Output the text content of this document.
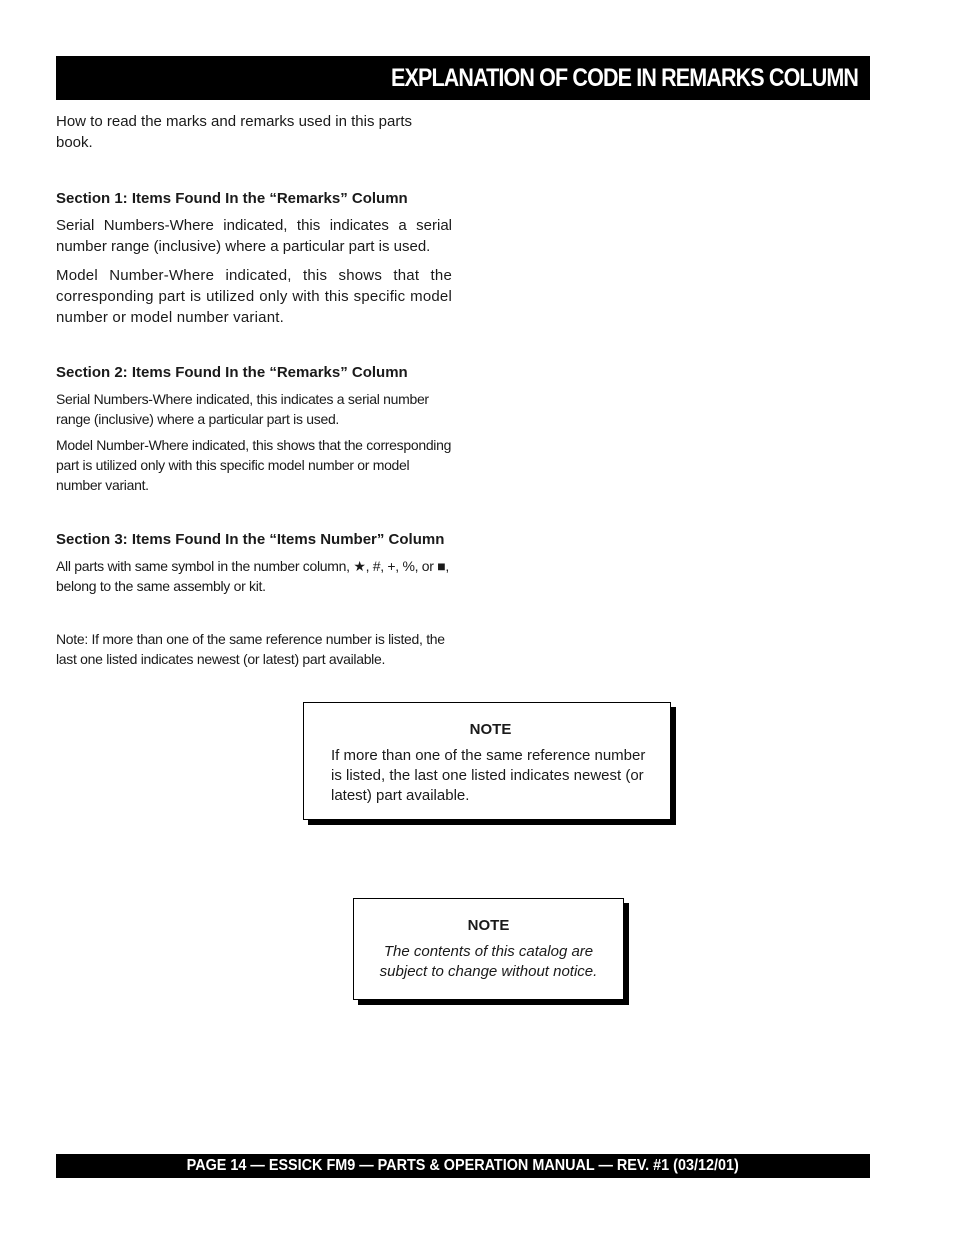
EXPLANATION OF CODE IN REMARKS COLUMN

How to read the marks and remarks used in this parts book.

Section 1: Items Found In the “Remarks” Column

Serial Numbers-Where indicated, this indicates a serial number range (inclusive) where a particular part is used.

Model Number-Where indicated, this shows that the corresponding part is utilized only with this specific model number or model number variant.

Section 2: Items Found In the “Remarks” Column

Serial Numbers-Where indicated, this indicates a serial number range (inclusive) where a particular part is used.

Model Number-Where indicated, this shows that the corresponding part is utilized only with this specific model number or model number variant.

Section 3: Items Found In the “Items Number” Column

All parts with same symbol in the number column, ★, #, +, %, or ■, belong to the same assembly or kit.

Note: If more than one of the same reference number is listed, the last one listed indicates newest (or latest) part available.

NOTE
If more than one of the same reference number is listed, the last one listed indicates newest (or latest) part available.
NOTE
The contents of this catalog are subject to change without notice.
PAGE 14 — ESSICK FM9 — PARTS & OPERATION MANUAL — REV. #1 (03/12/01)
